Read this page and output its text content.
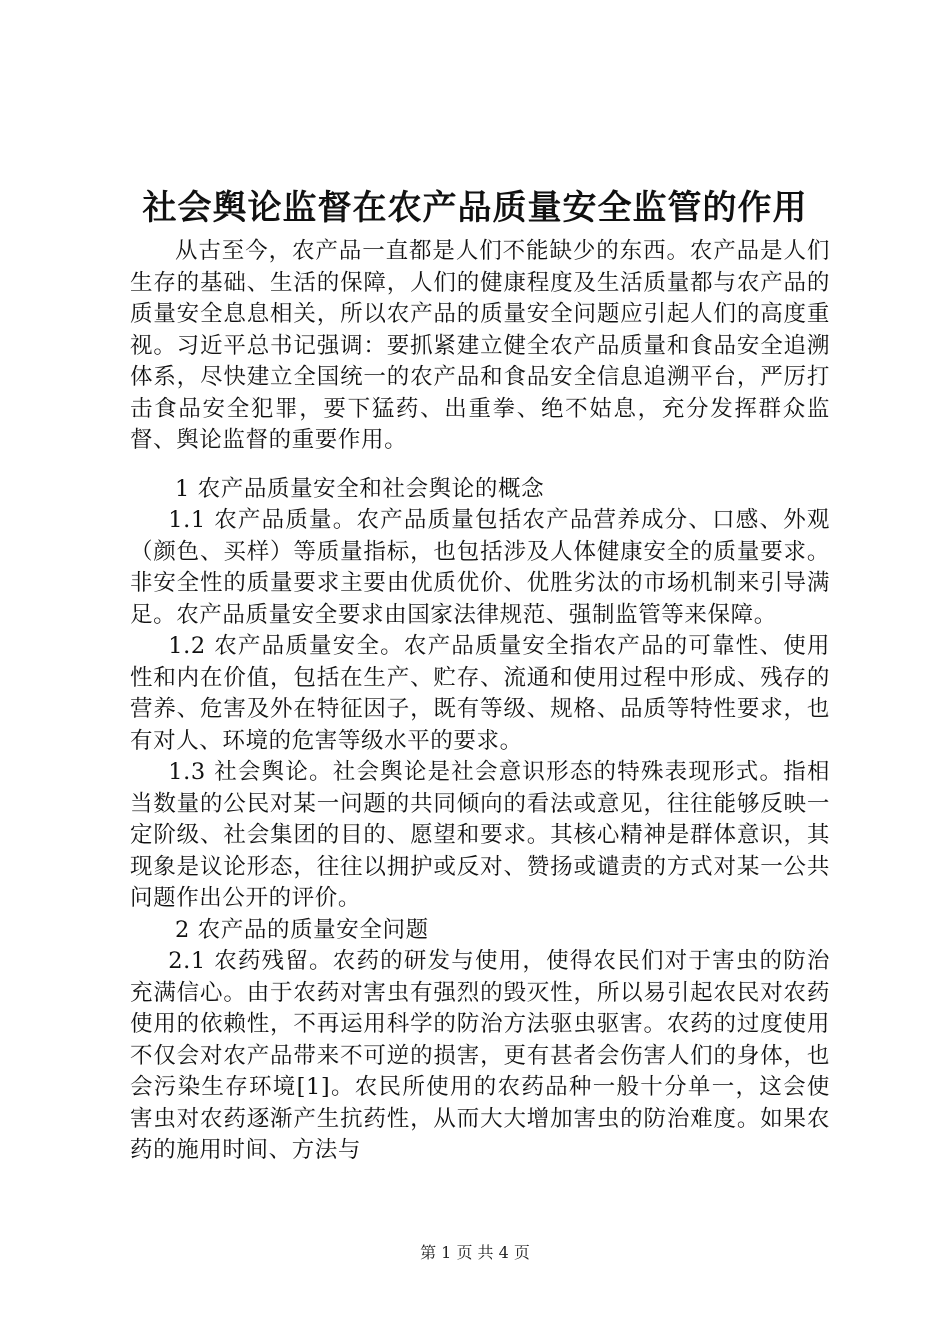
社会舆论监督在农产品质量安全监管的作用

从古至今，农产品一直都是人们不能缺少的东西。农产品是人们生存的基础、生活的保障，人们的健康程度及生活质量都与农产品的质量安全息息相关，所以农产品的质量安全问题应引起人们的高度重视。习近平总书记强调：要抓紧建立健全农产品质量和食品安全追溯体系，尽快建立全国统一的农产品和食品安全信息追溯平台，严厉打击食品安全犯罪，要下猛药、出重拳、绝不姑息，充分发挥群众监督、舆论监督的重要作用。

1 农产品质量安全和社会舆论的概念

1.1 农产品质量。农产品质量包括农产品营养成分、口感、外观（颜色、买样）等质量指标，也包括涉及人体健康安全的质量要求。非安全性的质量要求主要由优质优价、优胜劣汰的市场机制来引导满足。农产品质量安全要求由国家法律规范、强制监管等来保障。

1.2 农产品质量安全。农产品质量安全指农产品的可靠性、使用性和内在价值，包括在生产、贮存、流通和使用过程中形成、残存的营养、危害及外在特征因子，既有等级、规格、品质等特性要求，也有对人、环境的危害等级水平的要求。

1.3 社会舆论。社会舆论是社会意识形态的特殊表现形式。指相当数量的公民对某一问题的共同倾向的看法或意见，往往能够反映一定阶级、社会集团的目的、愿望和要求。其核心精神是群体意识，其现象是议论形态，往往以拥护或反对、赞扬或谴责的方式对某一公共问题作出公开的评价。

2 农产品的质量安全问题

2.1 农药残留。农药的研发与使用，使得农民们对于害虫的防治充满信心。由于农药对害虫有强烈的毁灭性，所以易引起农民对农药使用的依赖性，不再运用科学的防治方法驱虫驱害。农药的过度使用不仅会对农产品带来不可逆的损害，更有甚者会伤害人们的身体，也会污染生存环境[1]。农民所使用的农药品种一般十分单一，这会使害虫对农药逐渐产生抗药性，从而大大增加害虫的防治难度。如果农药的施用时间、方法与

第 1 页 共 4 页
